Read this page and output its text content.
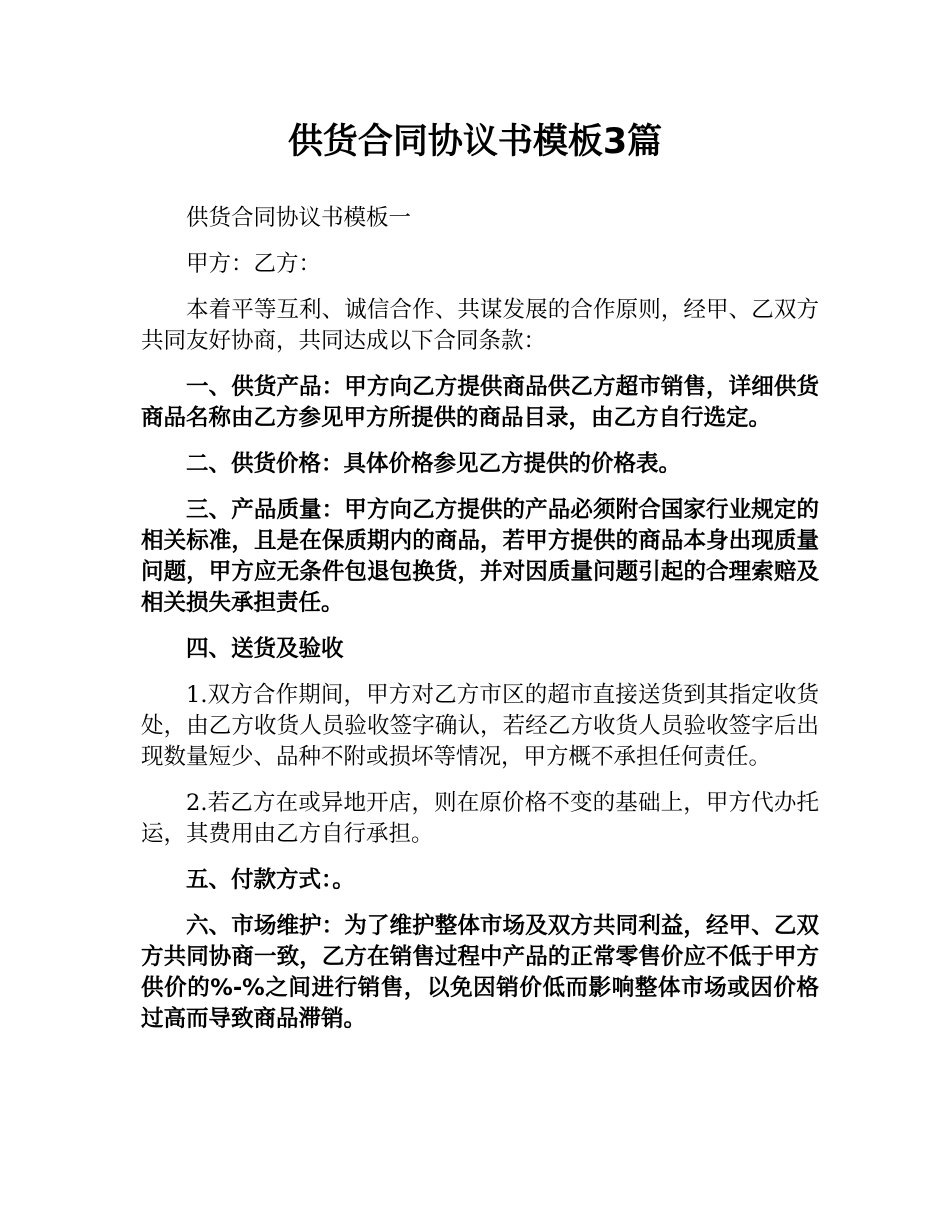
供货合同协议书模板3篇

供货合同协议书模板一

甲方：乙方：

本着平等互利、诚信合作、共谋发展的合作原则，经甲、乙双方共同友好协商，共同达成以下合同条款：

一、供货产品：甲方向乙方提供商品供乙方超市销售，详细供货商品名称由乙方参见甲方所提供的商品目录，由乙方自行选定。

二、供货价格：具体价格参见乙方提供的价格表。

三、产品质量：甲方向乙方提供的产品必须附合国家行业规定的相关标准，且是在保质期内的商品，若甲方提供的商品本身出现质量问题，甲方应无条件包退包换货，并对因质量问题引起的合理索赔及相关损失承担责任。

四、送货及验收

1.双方合作期间，甲方对乙方市区的超市直接送货到其指定收货处，由乙方收货人员验收签字确认，若经乙方收货人员验收签字后出现数量短少、品种不附或损坏等情况，甲方概不承担任何责任。

2.若乙方在或异地开店，则在原价格不变的基础上，甲方代办托运，其费用由乙方自行承担。

五、付款方式：。

六、市场维护：为了维护整体市场及双方共同利益，经甲、乙双方共同协商一致，乙方在销售过程中产品的正常零售价应不低于甲方供价的%-%之间进行销售，以免因销价低而影响整体市场或因价格过高而导致商品滞销。
